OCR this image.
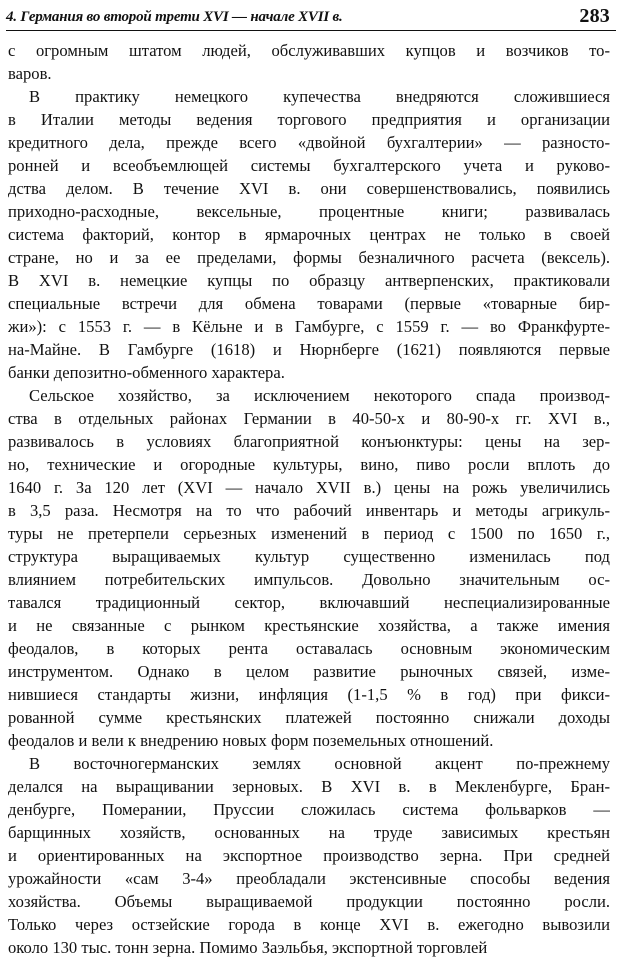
4. Германия во второй трети XVI — начале XVII в.	283
с огромным штатом людей, обслуживавших купцов и возчиков то-
варов.
В практику немецкого купечества внедряются сложившиеся
в Италии методы ведения торгового предприятия и организации
кредитного дела, прежде всего «двойной бухгалтерии» — разносто-
ронней и всеобъемлющей системы бухгалтерского учета и руково-
дства делом. В течение XVI в. они совершенствовались, появились
приходно-расходные, вексельные, процентные книги; развивалась
система факторий, контор в ярмарочных центрах не только в своей
стране, но и за ее пределами, формы безналичного расчета (вексель).
В XVI в. немецкие купцы по образцу антверпенских, практиковали
специальные встречи для обмена товарами (первые «товарные бир-
жи»): с 1553 г. — в Кёльне и в Гамбурге, с 1559 г. — во Франкфурте-
на-Майне. В Гамбурге (1618) и Нюрнберге (1621) появляются первые
банки депозитно-обменного характера.
Сельское хозяйство, за исключением некоторого спада производ-
ства в отдельных районах Германии в 40-50-х и 80-90-х гг. XVI в.,
развивалось в условиях благоприятной конъюнктуры: цены на зер-
но, технические и огородные культуры, вино, пиво росли вплоть до
1640 г. За 120 лет (XVI — начало XVII в.) цены на рожь увеличились
в 3,5 раза. Несмотря на то что рабочий инвентарь и методы агрикуль-
туры не претерпели серьезных изменений в период с 1500 по 1650 г.,
структура выращиваемых культур существенно изменилась под
влиянием потребительских импульсов. Довольно значительным ос-
тавался традиционный сектор, включавший неспециализированные
и не связанные с рынком крестьянские хозяйства, а также имения
феодалов, в которых рента оставалась основным экономическим
инструментом. Однако в целом развитие рыночных связей, изме-
нившиеся стандарты жизни, инфляция (1-1,5 % в год) при фикси-
рованной сумме крестьянских платежей постоянно снижали доходы
феодалов и вели к внедрению новых форм поземельных отношений.
В восточногерманских землях основной акцент по-прежнему
делался на выращивании зерновых. В XVI в. в Мекленбурге, Бран-
денбурге, Померании, Пруссии сложилась система фольварков —
барщинных хозяйств, основанных на труде зависимых крестьян
и ориентированных на экспортное производство зерна. При средней
урожайности «сам 3-4» преобладали экстенсивные способы ведения
хозяйства. Объемы выращиваемой продукции постоянно росли.
Только через остзейские города в конце XVI в. ежегодно вывозили
около 130 тыс. тонн зерна. Помимо Заэльбья, экспортной торговлей
